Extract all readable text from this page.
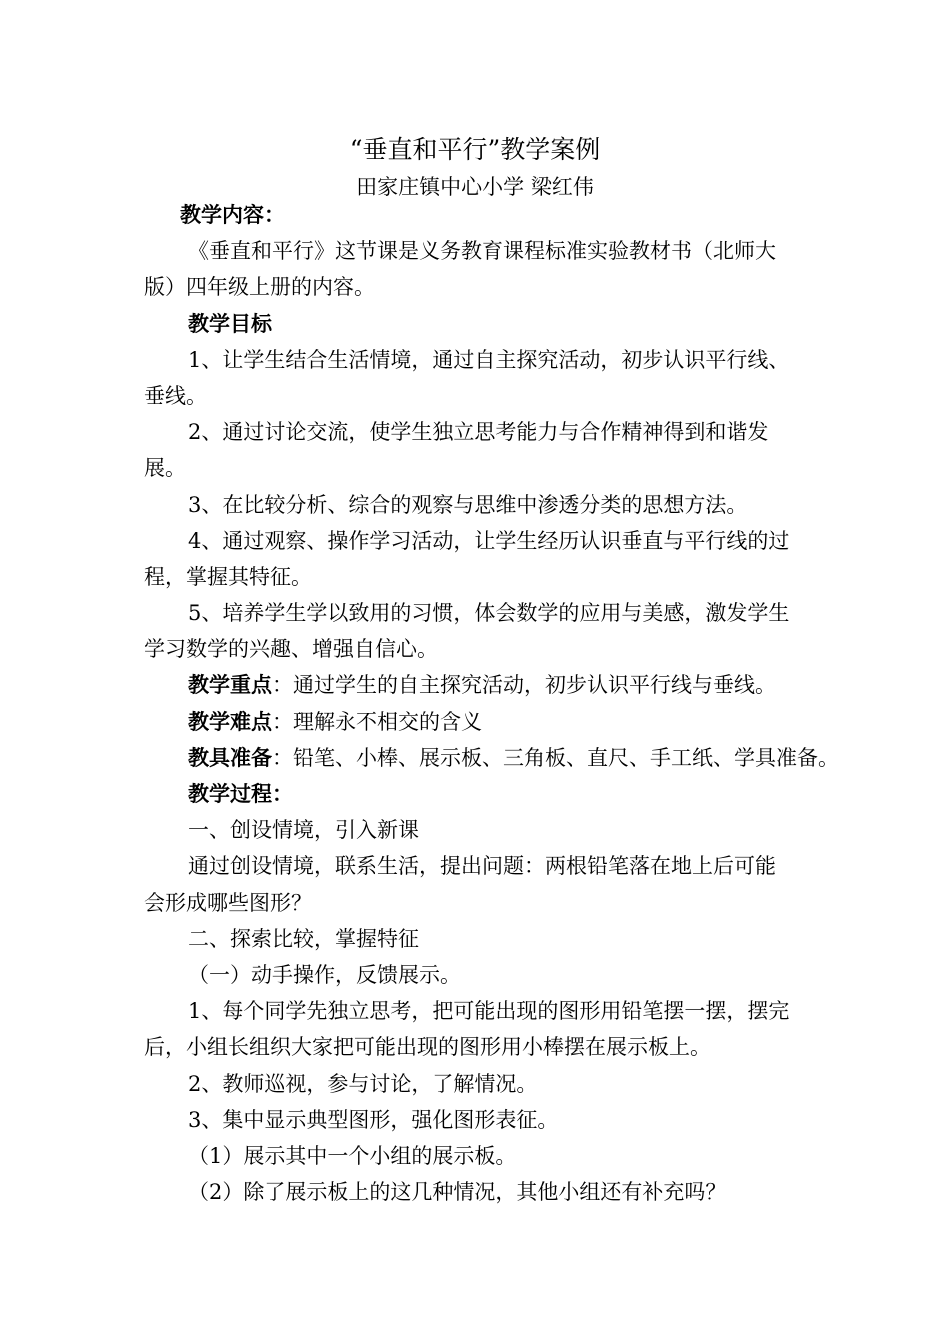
“垂直和平行”教学案例
田家庄镇中心小学 梁红伟
教学内容：
《垂直和平行》这节课是义务教育课程标准实验教材书（北师大
版）四年级上册的内容。
教学目标
1、让学生结合生活情境，通过自主探究活动，初步认识平行线、
垂线。
2、通过讨论交流，使学生独立思考能力与合作精神得到和谐发
展。
3、在比较分析、综合的观察与思维中渗透分类的思想方法。
4、通过观察、操作学习活动，让学生经历认识垂直与平行线的过
程，掌握其特征。
5、培养学生学以致用的习惯，体会数学的应用与美感，激发学生
学习数学的兴趣、增强自信心。
教学重点：通过学生的自主探究活动，初步认识平行线与垂线。
教学难点：理解永不相交的含义
教具准备：铅笔、小棒、展示板、三角板、直尺、手工纸、学具准备。
教学过程：
一、创设情境，引入新课
通过创设情境，联系生活，提出问题：两根铅笔落在地上后可能
会形成哪些图形？
二、探索比较，掌握特征
（一）动手操作，反馈展示。
1、每个同学先独立思考，把可能出现的图形用铅笔摆一摆，摆完
后，小组长组织大家把可能出现的图形用小棒摆在展示板上。
2、教师巡视，参与讨论，了解情况。
3、集中显示典型图形，强化图形表征。
（1）展示其中一个小组的展示板。
（2）除了展示板上的这几种情况，其他小组还有补充吗？
